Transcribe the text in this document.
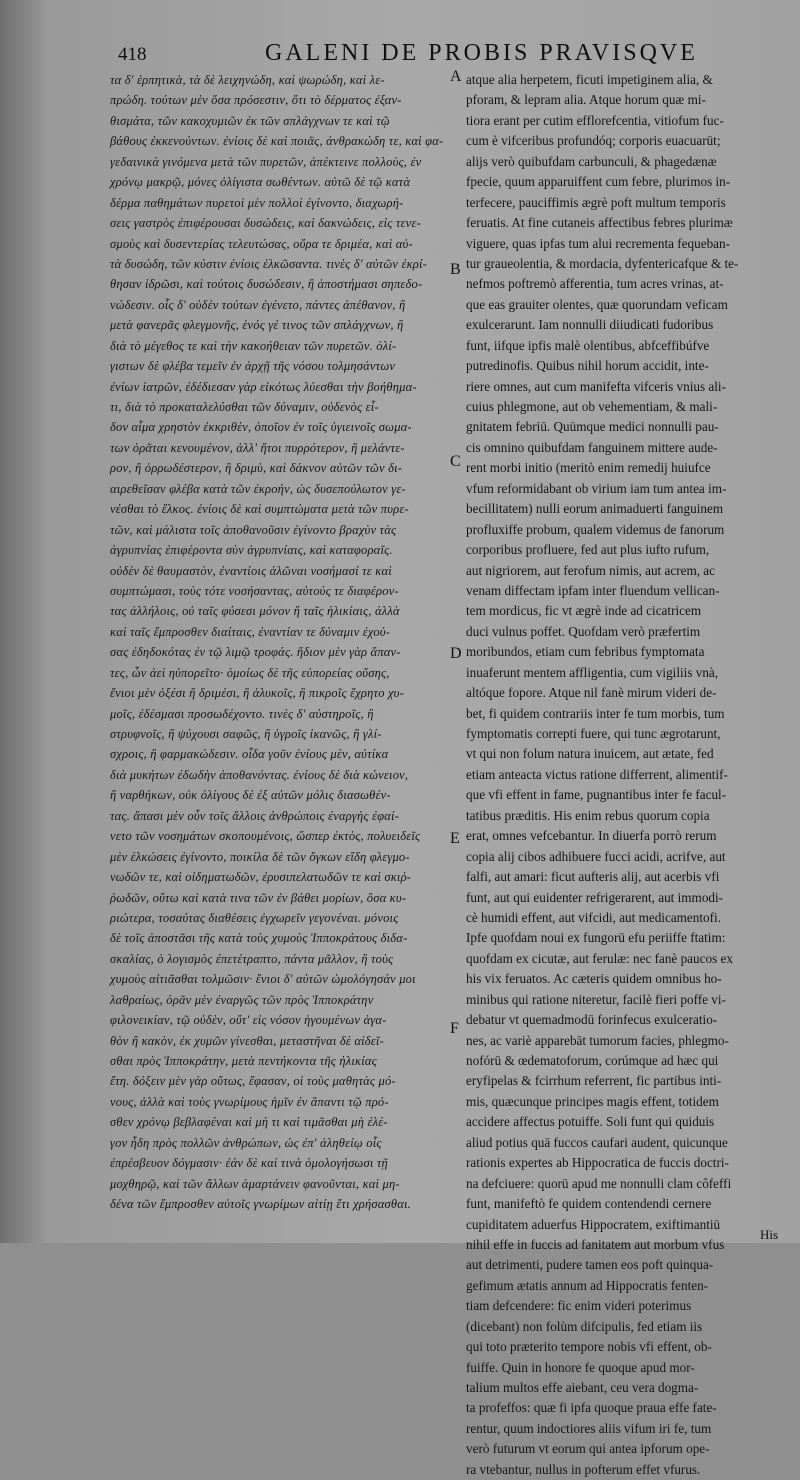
418	GALENI DE PROBIS PRAVISQVE
τα δ' ἑρπητικὰ, τὰ δὲ λειχηνώδη, καὶ ψωρώδη, καὶ λε-
πρώδη. τούτων μὲν ὅσα πρόσεστιν, ὅτι τὸ δέρματος ἐξαν-
θισμάτα, τῶν κακοχυμιῶν ἐκ τῶν σπλάγχνων τε καὶ τῷ
βάθους ἐκκενούντων. ἐνίοις δὲ καὶ ποιᾶς, ἀνθρακώδη τε, καὶ φα-
γεδαινικὰ γινόμενα μετὰ τῶν πυρετῶν, ἀπέκτεινε πολλοὺς, ἐν
χρόνῳ μακρῷ, μόνες ὀλίγιστα σωθέντων. αὐτῶ δὲ τῷ κατὰ
δέρμα παθημάτων πυρετοὶ μὲν πολλοὶ ἐγίνοντο, διαχωρή-
σεις γαστρὸς ἐπιφέρουσαι δυσώδεις, καὶ δακνώδεις, εἰς τενε-
σμοὺς καὶ δυσεντερίας τελευτώσας, οὔρα τε δριμέα, καὶ αὐ-
τὰ δυσώδη, τῶν κύστιν ἐνίοις ἑλκῶσαντα. τινὲς δ' αὐτῶν ἐκρί-
θησαν ἱδρῶσι, καὶ τούτοις δυσώδεσιν, ἢ ἀποστήμασι σηπεδο-
νώδεσιν. οἷς δ' οὐδὲν τούτων ἐγένετο, πάντες ἀπέθανον, ἢ
μετὰ φανερᾶς φλεγμονῆς, ἑνός γέ τινος τῶν σπλάγχνων, ἢ
διὰ τὸ μέγεθος τε καὶ τὴν κακοήθειαν τῶν πυρετῶν. ὀλί-
γιστων δὲ φλέβα τεμεῖν ἐν ἀρχῇ τῆς νόσου τολμησάντων
ἐνίων ἰατρῶν, ἐδέδιεσαν γὰρ εἰκότως λύεσθαι τὴν βοήθημα-
τι, διὰ τὸ προκαταλελύσθαι τῶν δύναμιν, οὐδενὸς εἶ-
δον αἷμα χρηστὸν ἐκκριθὲν, ὁποῖον ἐν τοῖς ὑγιεινοῖς σωμα-
των ὁρᾶται κενουμένον, ἀλλ' ἤτοι πυρρότερον, ἢ μελάντε-
ρον, ἢ ὀρρωδέστερον, ἢ δριμὺ, καὶ δάκνον αὐτῶν τῶν δι-
αιρεθεῖσαν φλέβα κατὰ τῶν ἐκροήν, ὡς δυσεπούλωτον γε-
νέσθαι τὸ ἕλκος. ἐνίοις δὲ καὶ συμπτώματα μετὰ τῶν πυρε-
τῶν, καὶ μάλιστα τοῖς ἀποθανοῦσιν ἐγίνοντο βραχὺν τὰς
ἀγρυπνίας ἐπιφέροντα σὺν ἀγρυπνίαις, καὶ καταφοραῖς.
οὐδὲν δὲ θαυμαστὸν, ἐναντίοις ἁλῶναι νοσήμασί τε καὶ
συμπτώμασι, τοὺς τότε νοσήσαντας, αὐτούς τε διαφέρον-
τας ἀλλήλοις, οὐ ταῖς φύσεσι μόνον ἢ ταῖς ἡλικίαις, ἀλλὰ
καὶ ταῖς ἔμπροσθεν διαίταις, ἐναντίαν τε δύναμιν ἐχού-
σας ἐδηδοκότας ἐν τῷ λιμῷ τροφάς. ἥδιον μὲν γὰρ ἅπαν-
τες, ὧν ἀεὶ ηὐπορεῖτο· ὁμοίως δὲ τῆς εὐπορείας οὔσης,
ἔνιοι μὲν ὀξέσι ἢ δριμέσι, ἢ ἁλυκοῖς, ἢ πικροῖς ἔχρητο χυ-
μοῖς, ἐδέσμασι προσωδέχοντο. τινὲς δ' αὐστηροῖς, ἢ
στρυφνοῖς, ἢ ψύχουσι σαφῶς, ἢ ὑγροῖς ἱκανῶς, ἢ γλί-
σχροις, ἢ φαρμακώδεσιν. οἶδα γοῦν ἐνίους μὲν, αὐτίκα
διὰ μυκήτων ἐδωδὴν ἀποθανόντας. ἐνίους δὲ διὰ κώνειον,
ἢ ναρθήκων, οὐκ ὀλίγους δὲ ἐξ αὐτῶν μόλις διασωθέν-
τας. ἅπασι μὲν οὖν τοῖς ἄλλοις ἀνθρώποις ἐναργὴς ἐφαί-
νετο τῶν νοσημάτων σκοπουμένοις, ὥσπερ ἐκτὸς, πολυειδεῖς
μὲν ἑλκώσεις ἐγίνοντο, ποικίλα δὲ τῶν ὄγκων εἴδη φλεγμο-
νωδῶν τε, καὶ οἰδηματωδῶν, ἐρυσιπελατωδῶν τε καὶ σκιῤ-
ῥωδῶν, οὕτω καὶ κατὰ τινα τῶν ἐν βάθει μορίων, ὅσα κυ-
ριώτερα, τοσαύτας διαθέσεις ἐγχωρεῖν γεγονέναι. μόνοις
δὲ τοῖς ἀποστᾶσι τῆς κατὰ τοὺς χυμοὺς Ἱπποκράτους διδα-
σκαλίας, ὁ λογισμὸς ἐπετέτραπτο, πάντα μᾶλλον, ἢ τοὺς
χυμοὺς αἰτιᾶσθαι τολμῶσιν· ἔνιοι δ' αὐτῶν ὡμολόγησάν μοι
λαθραίως, ὁρᾶν μὲν ἐναργῶς τῶν πρὸς Ἱπποκράτην
φιλονεικίαν, τῷ οὐδὲν, οὔτ' εἰς νόσον ἡγουμένων ἀγα-
θὸν ἢ κακὸν, ἐκ χυμῶν γίνεσθαι, μεταστῆναι δὲ αἰδεῖ-
σθαι πρὸς Ἱπποκράτην, μετὰ πεντήκοντα τῆς ἡλικίας
ἔτη. δόξειν μὲν γὰρ οὕτως, ἔφασαν, οἱ τοὺς μαθητὰς μό-
νους, ἀλλὰ καὶ τοὺς γνωρίμους ἡμῖν ἐν ἅπαντι τῷ πρό-
σθεν χρόνῳ βεβλαφέναι καὶ μὴ τι καὶ τιμᾶσθαι μὴ ἐλέ-
γον ἦδη πρὸς πολλῶν ἀνθρώπων, ὡς ἐπ' ἀληθείῳ οἷς
ἐπρέσβευον δόγμασιν· ἐάν δὲ καὶ τινὰ ὁμολογήσωσι τῇ
μοχθηρῷ, καὶ τῶν ἄλλων ἁμαρτάνειν φανοῦνται, καὶ μη-
δένα τῶν ἔμπροσθεν αὐτοῖς γνωρίμων αἰτίῃ ἔτι χρήσασθαι.
atque alia herpetem, ficuti impetiginem alia, &
pforam, & lepram alia. Atque horum quæ mi-
tiora erant per cutim efflorefcentia, vitiofum fuc-
cum è vifceribus profundóq; corporis euacuarūt;
alijs verò quibufdam carbunculi, & phagedænæ
fpecie, quum apparuiffent cum febre, plurimos in-
terfecere, pauciffimis ægrè poft multum temporis
feruatis. At fine cutaneis affectibus febres plurimæ
viguere, quas ipfas tum alui recrementa fequeban-
tur graueolentia, & mordacia, dyfentericafque & te-
nefmos poftremò afferentia, tum acres vrinas, at-
que eas grauiter olentes, quæ quorundam veficam
exulcerarunt. Iam nonnulli diiudicati fudoribus
funt, iifque ipfis malè olentibus, abfceffibúfve
putredinofis. Quibus nihil horum accidit, inte-
riere omnes, aut cum manifefta vifceris vnius ali-
cuius phlegmone, aut ob vehementiam, & mali-
gnitatem febriū. Quūmque medici nonnulli pau-
cis omnino quibufdam fanguinem mittere aude-
rent morbi initio (meritò enim remedij huiufce
vfum reformidabant ob virium iam tum antea im-
becillitatem) nulli eorum animaduerti fanguinem
profluxiffe probum, qualem videmus de fanorum
corporibus profluere, fed aut plus iufto rufum,
aut nigriorem, aut ferofum nimis, aut acrem, ac
venam diffectam ipfam inter fluendum vellican-
tem mordicus, fic vt ægrè inde ad cicatricem
duci vulnus poffet. Quofdam verò præfertim
moribundos, etiam cum febribus fymptomata
inuaferunt mentem affligentia, cum vigiliis vnà,
altóque fopore. Atque nil fanè mirum videri de-
bet, fi quidem contrariis inter fe tum morbis, tum
fymptomatis correpti fuere, qui tunc ægrotarunt,
vt qui non folum natura inuicem, aut ætate, fed
etiam anteacta victus ratione differrent, alimentif-
que vfi effent in fame, pugnantibus inter fe facul-
tatibus præditis. His enim rebus quorum copia
erat, omnes vefcebantur. In diuerfa porrò rerum
copia alij cibos adhibuere fucci acidi, acrifve, aut
falfi, aut amari: ficut aufteris alij, aut acerbis vfi
funt, aut qui euidenter refrigerarent, aut immodi-
cè humidi effent, aut vifcidi, aut medicamentofi.
Ipfe quofdam noui ex fungorū efu periiffe ftatim:
quofdam ex cicutæ, aut ferulæ: nec fanè paucos ex
his vix feruatos. Ac cæteris quidem omnibus ho-
minibus qui ratione niteretur, facilè fieri poffe vi-
debatur vt quemadmodū forinfecus exulceratio-
nes, ac variè apparebāt tumorum facies, phlegmo-
nofórū & œdematoforum, corúmque ad hæc qui
eryfipelas & fcirrhum referrent, fic partibus inti-
mis, quæcunque principes magis effent, totidem
accidere affectus potuiffe. Soli funt qui quiduis
aliud potius quā fuccos caufari audent, quicunque
rationis expertes ab Hippocratica de fuccis doctri-
na defciuere: quorū apud me nonnulli clam côfeffi
funt, manifeftò fe quidem contendendi cernere
cupiditatem aduerfus Hippocratem, exiftimantiū
nihil effe in fuccis ad fanitatem aut morbum vfus
aut detrimenti, pudere tamen eos poft quinqua-
gefimum ætatis annum ad Hippocratis fenten-
tiam defcendere: fic enim videri poterimus
(dicebant) non folùm difcipulis, fed etiam iis
qui toto præterito tempore nobis vfi effent, ob-
fuiffe. Quin in honore fe quoque apud mor-
talium multos effe aiebant, ceu vera dogma-
ta profeffos: quæ fi ipfa quoque praua effe fate-
rentur, quum indoctiores aliis vifum iri fe, tum
verò futurum vt eorum qui antea ipforum ope-
ra vtebantur, nullus in pofterum effet vfurus.
A
B
C
D
E
F
His
